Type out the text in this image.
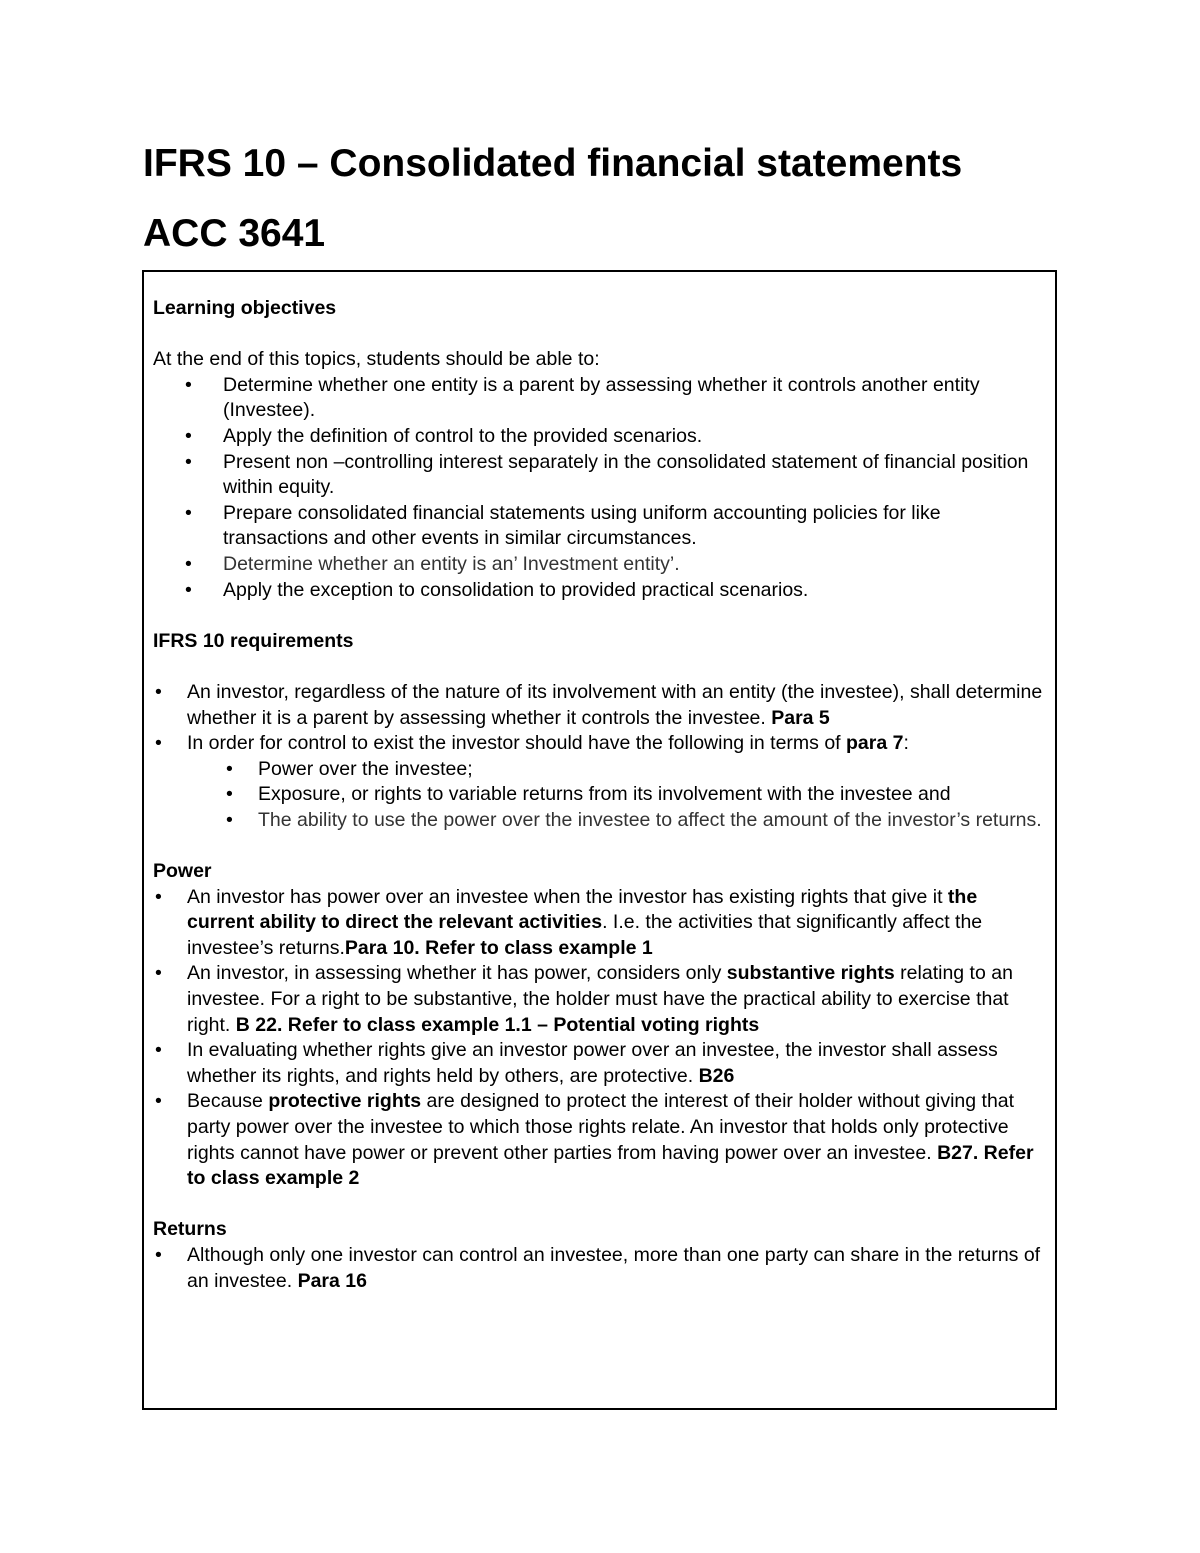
IFRS 10 – Consolidated financial statements
ACC 3641

Learning objectives

At the end of this topics, students should be able to:

• Determine whether one entity is a parent by assessing whether it controls another entity (Investee).
• Apply the definition of control to the provided scenarios.
• Present non –controlling interest separately in the consolidated statement of financial position within equity.
• Prepare consolidated financial statements using uniform accounting policies for like transactions and other events in similar circumstances.
• Determine whether an entity is an’ Investment entity’.
• Apply the exception to consolidation to provided practical scenarios.

IFRS 10 requirements

• An investor, regardless of the nature of its involvement with an entity (the investee), shall determine whether it is a parent by assessing whether it controls the investee. Para 5
• In order for control to exist the investor should have the following in terms of para 7:
• Power over the investee;
• Exposure, or rights to variable returns from its involvement with the investee and
• The ability to use the power over the investee to affect the amount of the investor’s returns.

Power

• An investor has power over an investee when the investor has existing rights that give it the current ability to direct the relevant activities. I.e. the activities that significantly affect the investee’s returns.Para 10. Refer to class example 1
• An investor, in assessing whether it has power, considers only substantive rights relating to an investee. For a right to be substantive, the holder must have the practical ability to exercise that right. B 22. Refer to class example 1.1 – Potential voting rights
• In evaluating whether rights give an investor power over an investee, the investor shall assess whether its rights, and rights held by others, are protective. B26
• Because protective rights are designed to protect the interest of their holder without giving that party power over the investee to which those rights relate. An investor that holds only protective rights cannot have power or prevent other parties from having power over an investee. B27. Refer to class example 2

Returns

• Although only one investor can control an investee, more than one party can share in the returns of an investee. Para 16
